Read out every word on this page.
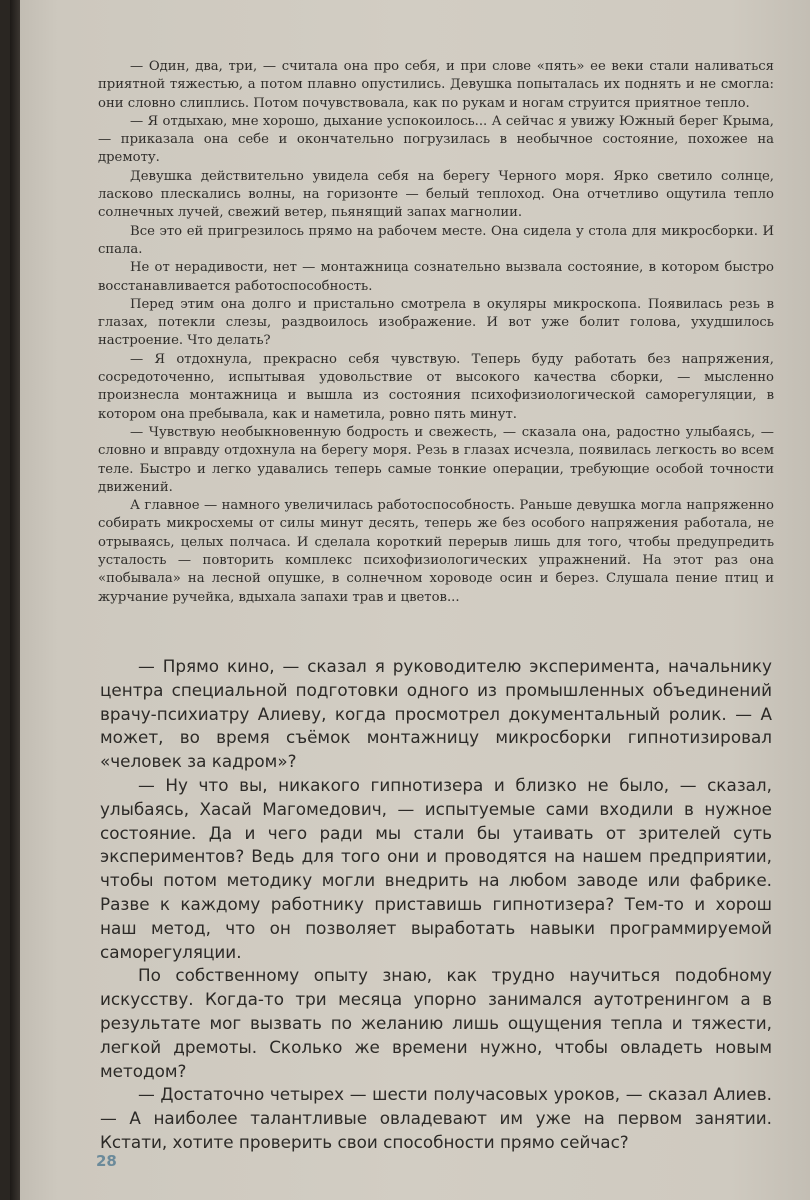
— Один, два, три, — считала она про себя, и при слове «пять» ее веки стали наливаться приятной тяжестью, а потом плавно опустились. Девушка попыталась их поднять и не смогла: они словно слиплись. Потом почувствовала, как по рукам и ногам струится приятное тепло.

— Я отдыхаю, мне хорошо, дыхание успокоилось... А сейчас я увижу Южный берег Крыма, — приказала она себе и окончательно погрузилась в необычное состояние, похожее на дремоту.

Девушка действительно увидела себя на берегу Черного моря. Ярко светило солнце, ласково плескались волны, на горизонте — белый теплоход. Она отчетливо ощутила тепло солнечных лучей, свежий ветер, пьянящий запах магнолии.

Все это ей пригрезилось прямо на рабочем месте. Она сидела у стола для микросборки. И спала.

Не от нерадивости, нет — монтажница сознательно вызвала состояние, в котором быстро восстанавливается работоспособность.

Перед этим она долго и пристально смотрела в окуляры микроскопа. Появилась резь в глазах, потекли слезы, раздвоилось изображение. И вот уже болит голова, ухудшилось настроение. Что делать?

— Я отдохнула, прекрасно себя чувствую. Теперь буду работать без напряжения, сосредоточенно, испытывая удовольствие от высокого качества сборки, — мысленно произнесла монтажница и вышла из состояния психофизиологической саморегуляции, в котором она пребывала, как и наметила, ровно пять минут.

— Чувствую необыкновенную бодрость и свежесть, — сказала она, радостно улыбаясь, — словно и вправду отдохнула на берегу моря. Резь в глазах исчезла, появилась легкость во всем теле. Быстро и легко удавались теперь самые тонкие операции, требующие особой точности движений.

А главное — намного увеличилась работоспособность. Раньше девушка могла напряженно собирать микросхемы от силы минут десять, теперь же без особого напряжения работала, не отрываясь, целых полчаса. И сделала короткий перерыв лишь для того, чтобы предупредить усталость — повторить комплекс психофизиологических упражнений. На этот раз она «побывала» на лесной опушке, в солнечном хороводе осин и берез. Слушала пение птиц и журчание ручейка, вдыхала запахи трав и цветов...

— Прямо кино, — сказал я руководителю эксперимента, начальнику центра специальной подготовки одного из промышленных объединений врачу-психиатру Алиеву, когда просмотрел документальный ролик. — А может, во время съёмок монтажницу микросборки гипнотизировал «человек за кадром»?

— Ну что вы, никакого гипнотизера и близко не было, — сказал, улыбаясь, Хасай Магомедович, — испытуемые сами входили в нужное состояние. Да и чего ради мы стали бы утаивать от зрителей суть экспериментов? Ведь для того они и проводятся на нашем предприятии, чтобы потом методику могли внедрить на любом заводе или фабрике. Разве к каждому работнику приставишь гипнотизера? Тем-то и хорош наш метод, что он позволяет выработать навыки программируемой саморегуляции.

По собственному опыту знаю, как трудно научиться подобному искусству. Когда-то три месяца упорно занимался аутотренингом а в результате мог вызвать по желанию лишь ощущения тепла и тяжести, легкой дремоты. Сколько же времени нужно, чтобы овладеть новым методом?

— Достаточно четырех — шести получасовых уроков, — сказал Алиев. — А наиболее талантливые овладевают им уже на первом занятии. Кстати, хотите проверить свои способности прямо сейчас?

28
